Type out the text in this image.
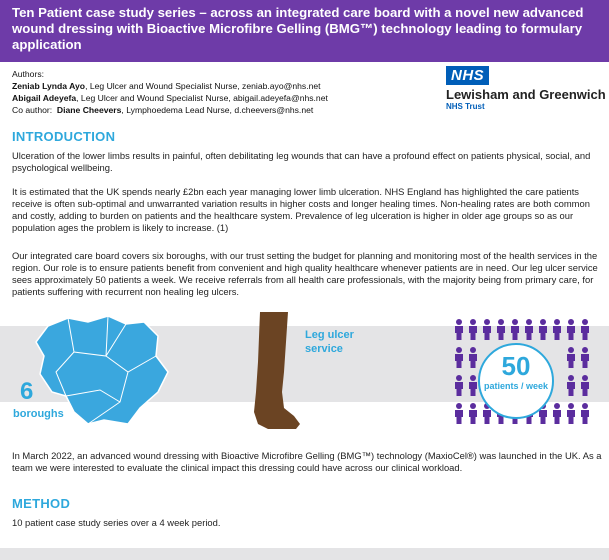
Ten Patient case study series – across an integrated care board with a novel new advanced wound dressing with Bioactive Microfibre Gelling (BMG™) technology leading to formulary application

Authors:
Zeniab Lynda Ayo, Leg Ulcer and Wound Specialist Nurse, zeniab.ayo@nhs.net
Abigail Adeyefa, Leg Ulcer and Wound Specialist Nurse, abigail.adeyefa@nhs.net
Co author: Diane Cheevers, Lymphoedema Lead Nurse, d.cheevers@nhs.net
NHS
Lewisham and Greenwich
NHS Trust
INTRODUCTION
Ulceration of the lower limbs results in painful, often debilitating leg wounds that can have a profound effect on patients physical, social, and psychological wellbeing.
It is estimated that the UK spends nearly £2bn each year managing lower limb ulceration. NHS England has highlighted the care patients receive is often sub-optimal and unwarranted variation results in higher costs and longer healing times. Non-healing rates are both common and costly, adding to burden on patients and the healthcare system. Prevalence of leg ulceration is higher in older age groups so as our population ages the problem is likely to increase. (1)
Our integrated care board covers six boroughs, with our trust setting the budget for planning and monitoring most of the health services in the region. Our role is to ensure patients benefit from convenient and high quality healthcare whenever patients are in need. Our leg ulcer service sees approximately 50 patients a week. We receive referrals from all health care professionals, with the majority being from primary care, for patients suffering with recurrent non healing leg ulcers.
6
boroughs
Leg ulcer service
50
patients / week
In March 2022, an advanced wound dressing with Bioactive Microfibre Gelling (BMG™) technology (MaxioCel®) was launched in the UK. As a team we were interested to evaluate the clinical impact this dressing could have across our clinical workload.
METHOD
10 patient case study series over a 4 week period.
